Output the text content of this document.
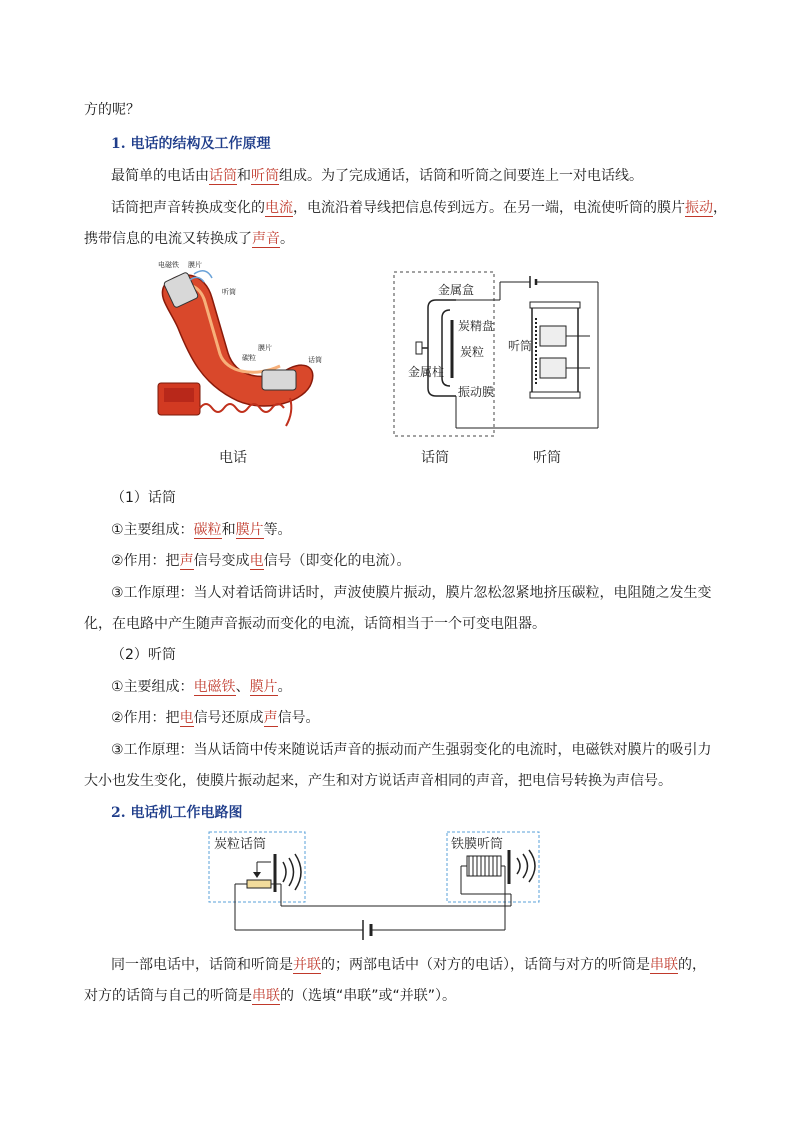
方的呢？
1. 电话的结构及工作原理
最简单的电话由话筒和听筒组成。为了完成通话，话筒和听筒之间要连上一对电话线。
话筒把声音转换成变化的电流，电流沿着导线把信息传到远方。在另一端，电流使听筒的膜片振动，
携带信息的电流又转换成了声音。
电磁铁 膜片
听筒
膜片
碳粒	话筒
金属盒
炭精盘
炭粒 听筒
金属柱
振动膜
电话	话筒	听筒
（1）话筒
①主要组成：碳粒和膜片等。
②作用：把声信号变成电信号（即变化的电流）。
③工作原理：当人对着话筒讲话时，声波使膜片振动，膜片忽松忽紧地挤压碳粒，电阻随之发生变
化，在电路中产生随声音振动而变化的电流，话筒相当于一个可变电阻器。
（2）听筒
①主要组成：电磁铁、膜片。
②作用：把电信号还原成声信号。
③工作原理：当从话筒中传来随说话声音的振动而产生强弱变化的电流时，电磁铁对膜片的吸引力
大小也发生变化，使膜片振动起来，产生和对方说话声音相同的声音，把电信号转换为声信号。
2. 电话机工作电路图
炭粒话筒	铁膜听筒
同一部电话中，话筒和听筒是并联的；两部电话中（对方的电话），话筒与对方的听筒是串联的，
对方的话筒与自己的听筒是串联的（选填“串联”或“并联”）。
